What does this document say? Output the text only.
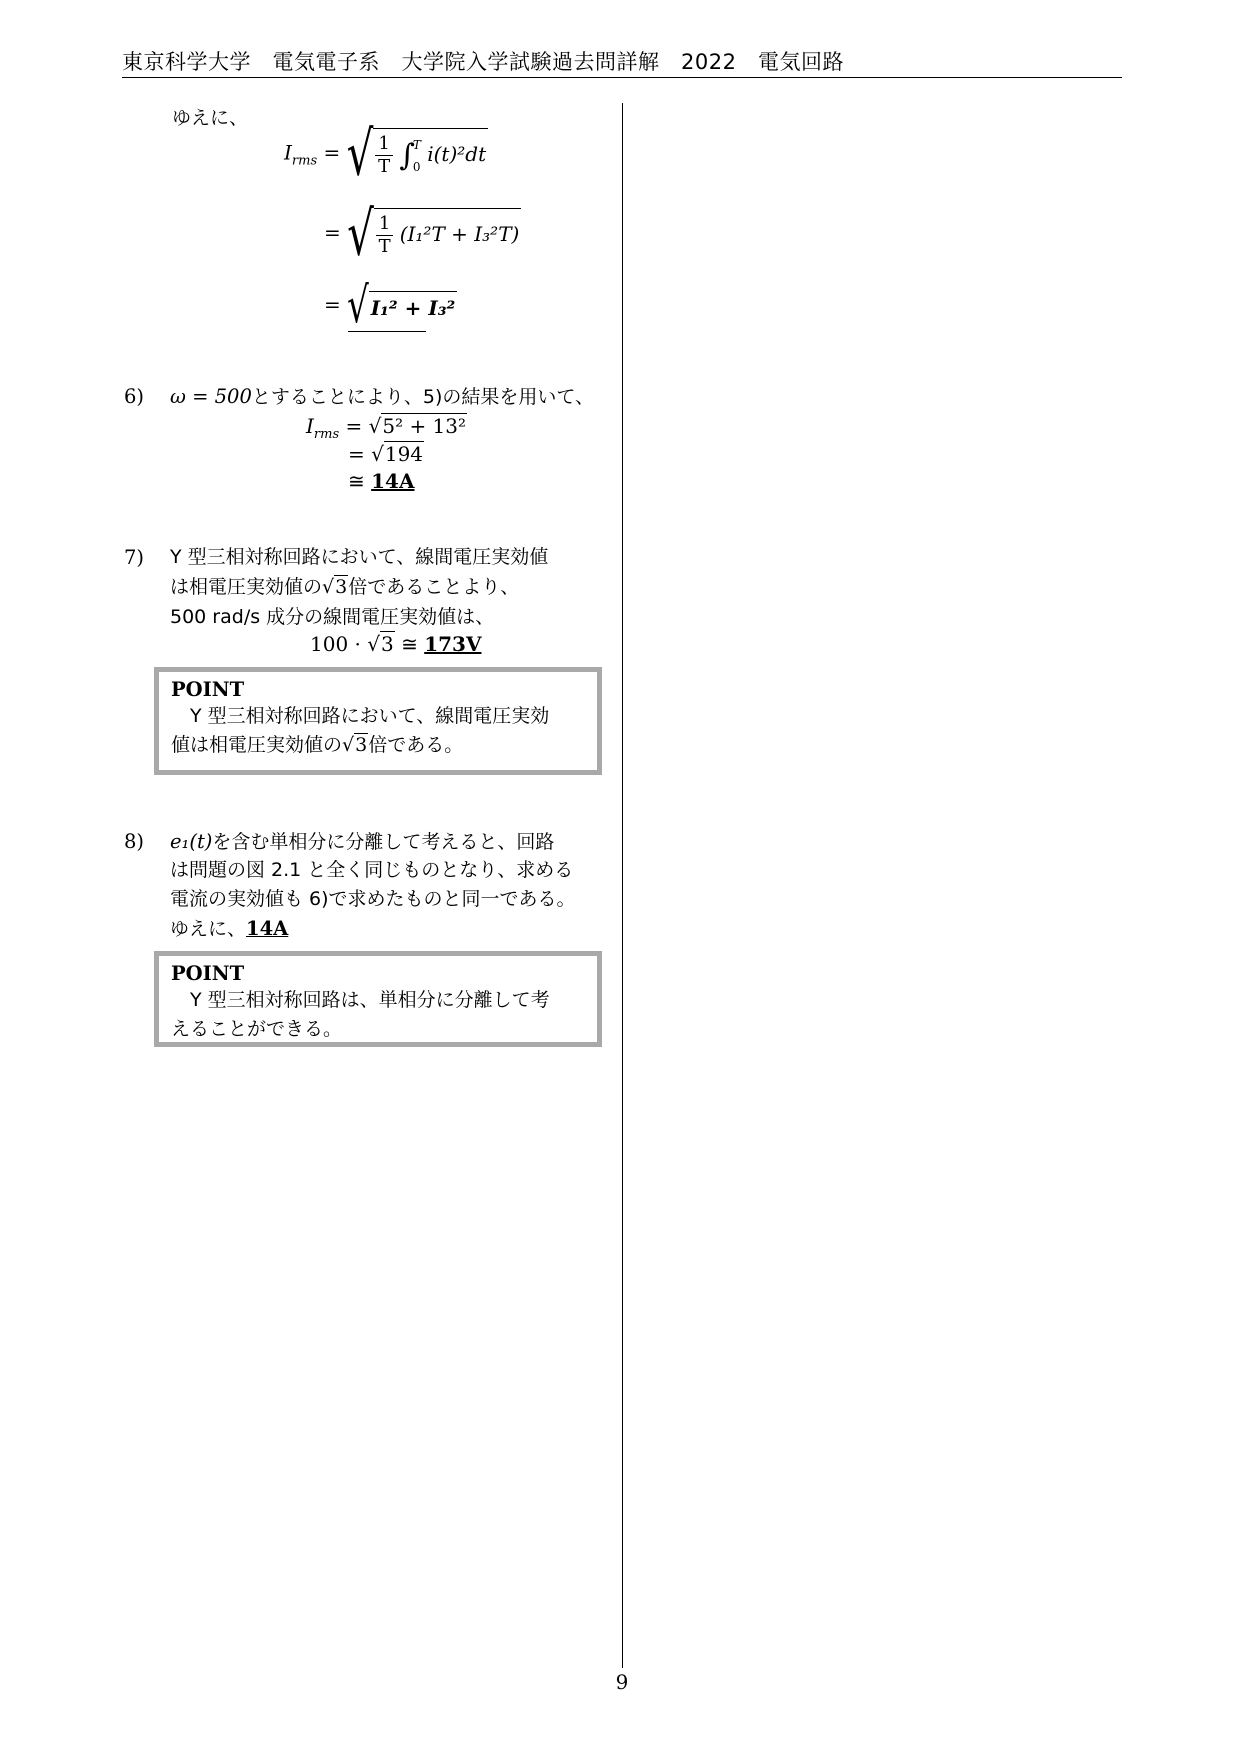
東京科学大学　電気電子系　大学院入学試験過去問詳解　2022　電気回路
ゆえに、
$I_{rms}$ = √ $\frac{1}{T}$ ∫
T
0
i(t)²dt
= √ $\frac{1}{T} (I_1^2T + I_3^2T)$
= √ I₁² + I₃²
6) ω = 500とすることにより、5)の結果を用いて、
$I_{rms} = √5^2 + 13^2$
= √194
≅ 14A
7) Y 型三相対称回路において、線間電圧実効値
は相電圧実効値の√3倍であることより、
500 rad/s 成分の線間電圧実効値は、
100 · √3 ≅ 173V
POINT
　Y 型三相対称回路において、線間電圧実効
値は相電圧実効値の√3倍である。
8) e₁(t)を含む単相分に分離して考えると、回路
は問題の図 2.1 と全く同じものとなり、求める
電流の実効値も 6)で求めたものと同一である。
ゆえに、14A
POINT
　Y 型三相対称回路は、単相分に分離して考
えることができる。
9
